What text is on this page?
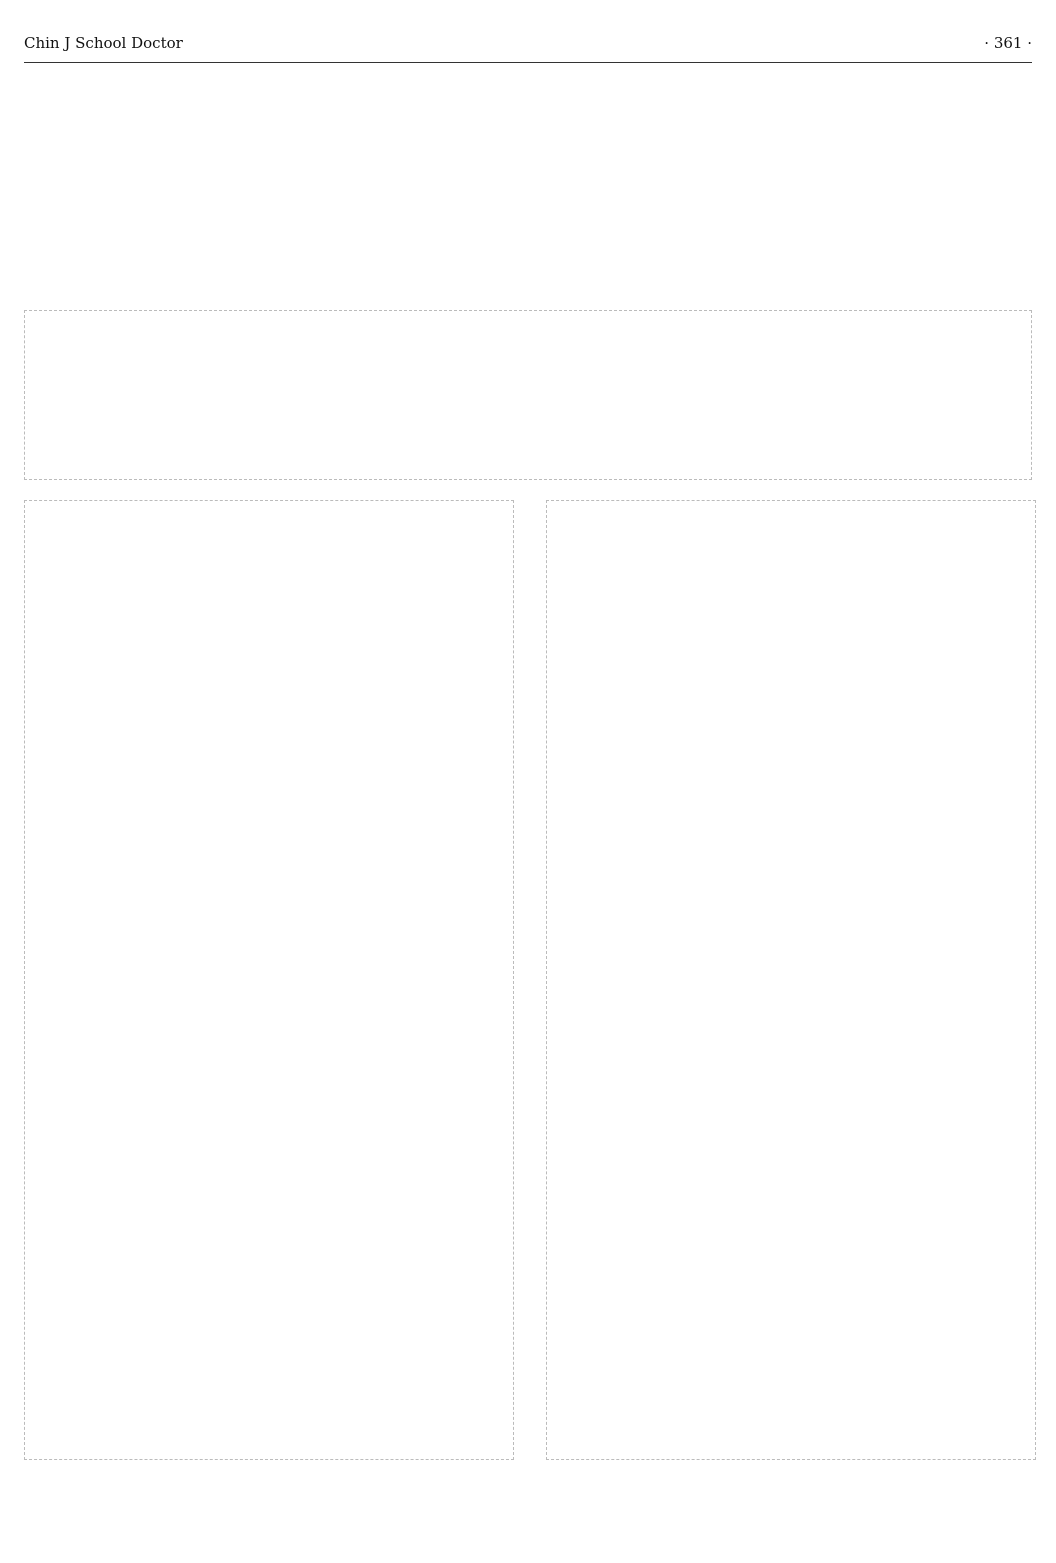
Chin J School Doctor	· 361 ·
